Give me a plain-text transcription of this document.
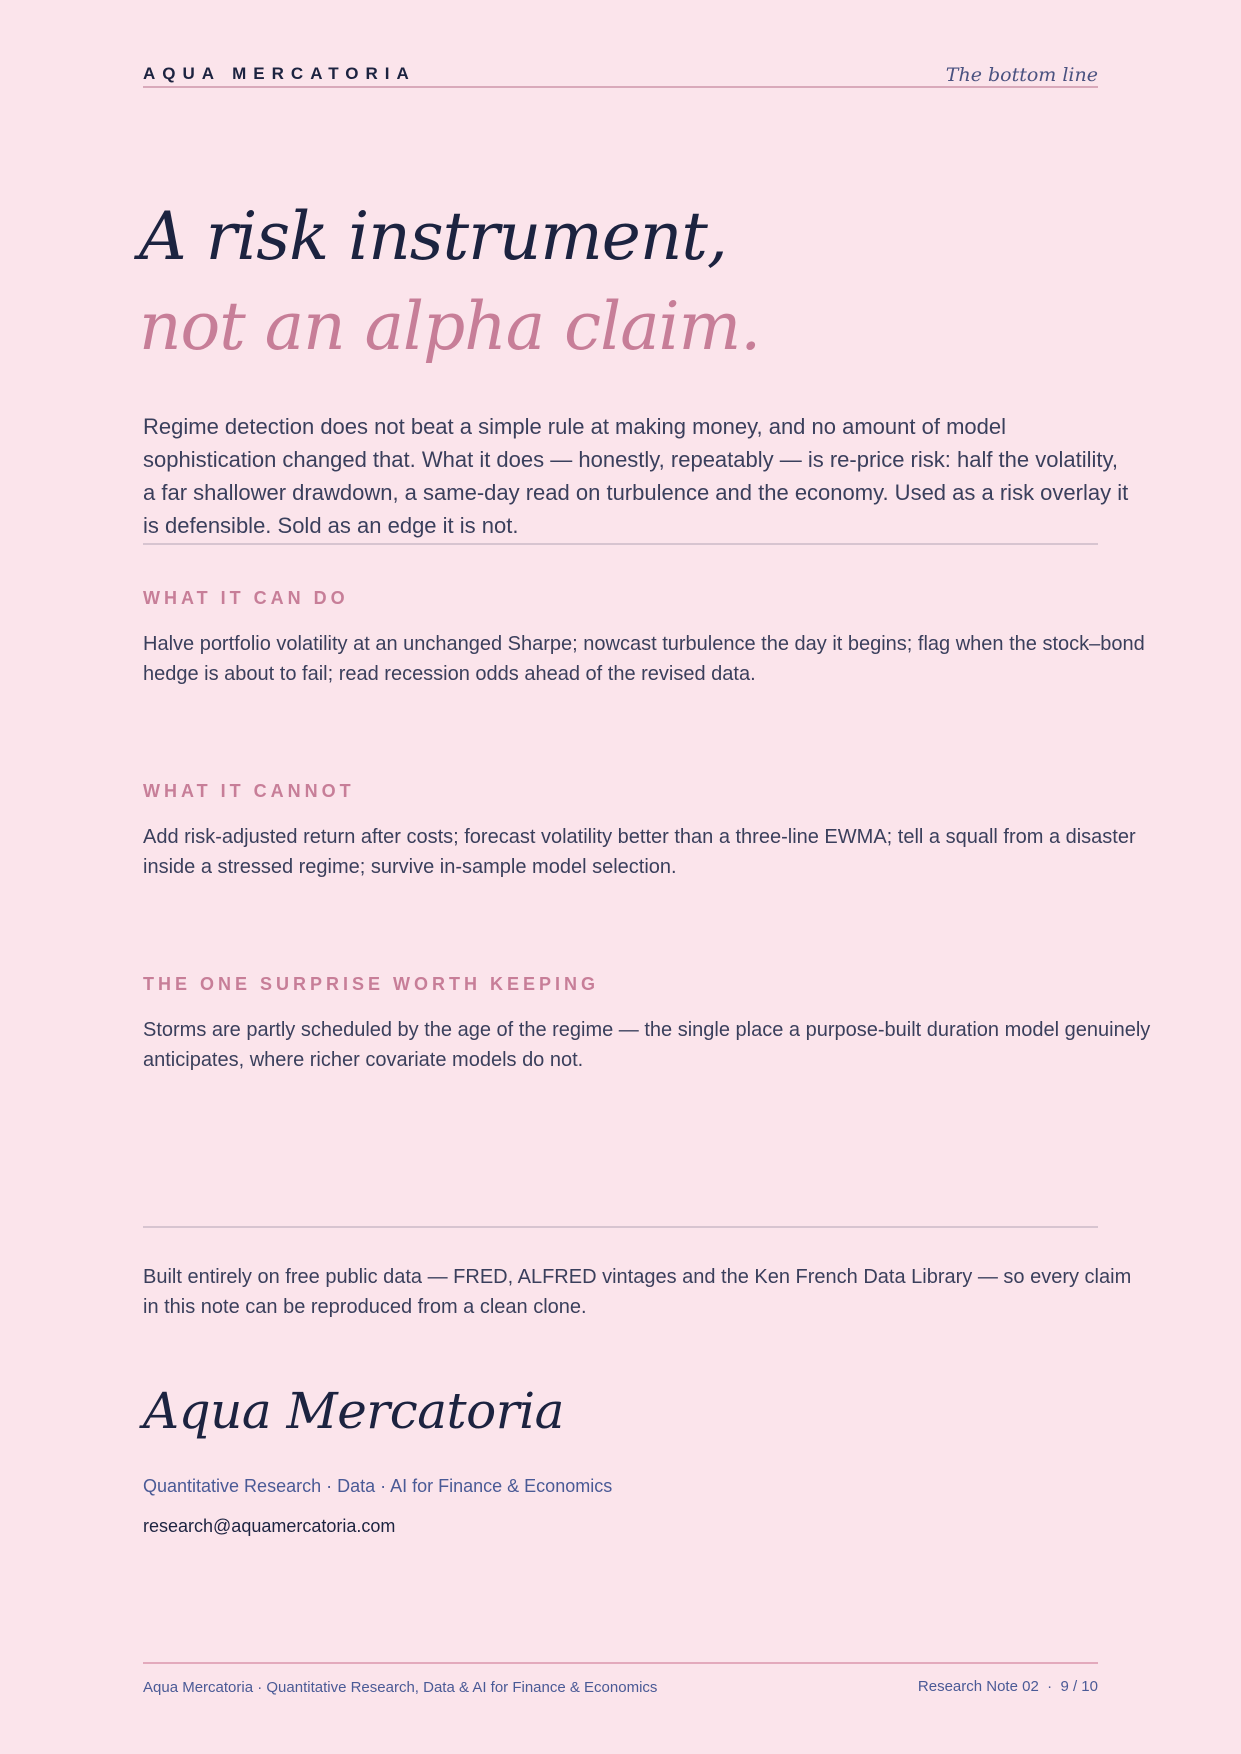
AQUA MERCATORIA	The bottom line
A risk instrument,
not an alpha claim.

Regime detection does not beat a simple rule at making money, and no amount of model sophistication changed that. What it does — honestly, repeatably — is re-price risk: half the volatility, a far shallower drawdown, a same-day read on turbulence and the economy. Used as a risk overlay it is defensible. Sold as an edge it is not.

WHAT IT CAN DO

Halve portfolio volatility at an unchanged Sharpe; nowcast turbulence the day it begins; flag when the stock–bond hedge is about to fail; read recession odds ahead of the revised data.

WHAT IT CANNOT

Add risk-adjusted return after costs; forecast volatility better than a three-line EWMA; tell a squall from a disaster inside a stressed regime; survive in-sample model selection.

THE ONE SURPRISE WORTH KEEPING

Storms are partly scheduled by the age of the regime — the single place a purpose-built duration model genuinely anticipates, where richer covariate models do not.

Built entirely on free public data — FRED, ALFRED vintages and the Ken French Data Library — so every claim in this note can be reproduced from a clean clone.

Aqua Mercatoria

Quantitative Research · Data · AI for Finance & Economics
research@aquamercatoria.com
Aqua Mercatoria · Quantitative Research, Data & AI for Finance & Economics	Research Note 02  ·  9 / 10
